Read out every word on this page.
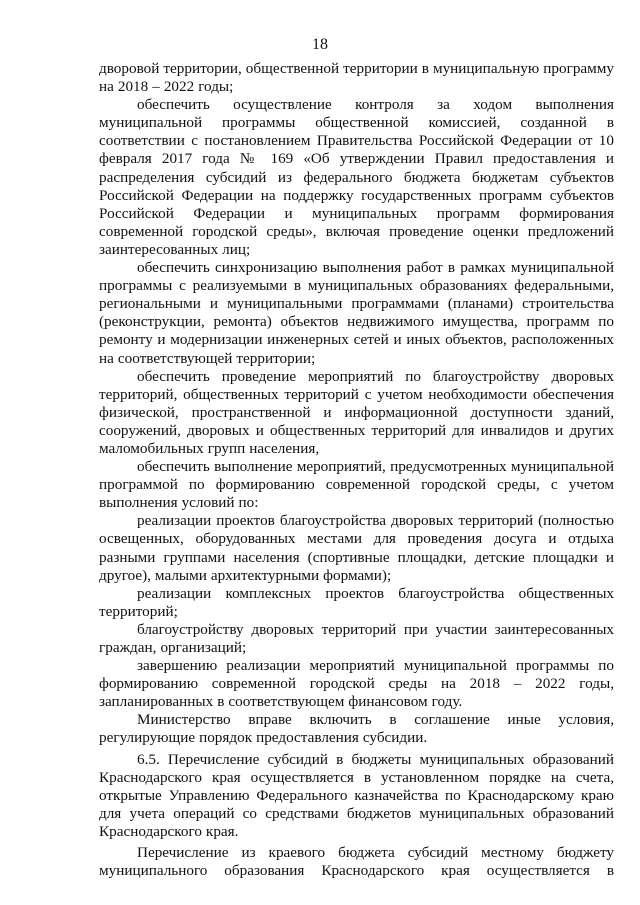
18

дворовой территории, общественной территории в муниципальную программу на 2018 – 2022 годы;

обеспечить осуществление контроля за ходом выполнения муниципальной программы общественной комиссией, созданной в соответствии с постановлением Правительства Российской Федерации от 10 февраля 2017 года № 169 «Об утверждении Правил предоставления и распределения субсидий из федерального бюджета бюджетам субъектов Российской Федерации на поддержку государственных программ субъектов Российской Федерации и муниципальных программ формирования современной городской среды», включая проведение оценки предложений заинтересованных лиц;

обеспечить синхронизацию выполнения работ в рамках муниципальной программы с реализуемыми в муниципальных образованиях федеральными, региональными и муниципальными программами (планами) строительства (реконструкции, ремонта) объектов недвижимого имущества, программ по ремонту и модернизации инженерных сетей и иных объектов, расположенных на соответствующей территории;

обеспечить проведение мероприятий по благоустройству дворовых территорий, общественных территорий с учетом необходимости обеспечения физической, пространственной и информационной доступности зданий, сооружений, дворовых и общественных территорий для инвалидов и других маломобильных групп населения,

обеспечить выполнение мероприятий, предусмотренных муниципальной программой по формированию современной городской среды, с учетом выполнения условий по:

реализации проектов благоустройства дворовых территорий (полностью освещенных, оборудованных местами для проведения досуга и отдыха разными группами населения (спортивные площадки, детские площадки и другое), малыми архитектурными формами);

реализации комплексных проектов благоустройства общественных территорий;

благоустройству дворовых территорий при участии заинтересованных граждан, организаций;

завершению реализации мероприятий муниципальной программы по формированию современной городской среды на 2018 – 2022 годы, запланированных в соответствующем финансовом году.

Министерство вправе включить в соглашение иные условия, регулирующие порядок предоставления субсидии.

6.5. Перечисление субсидий в бюджеты муниципальных образований Краснодарского края осуществляется в установленном порядке на счета, открытые Управлению Федерального казначейства по Краснодарскому краю для учета операций со средствами бюджетов муниципальных образований Краснодарского края.

Перечисление из краевого бюджета субсидий местному бюджету муниципального образования Краснодарского края осуществляется в
